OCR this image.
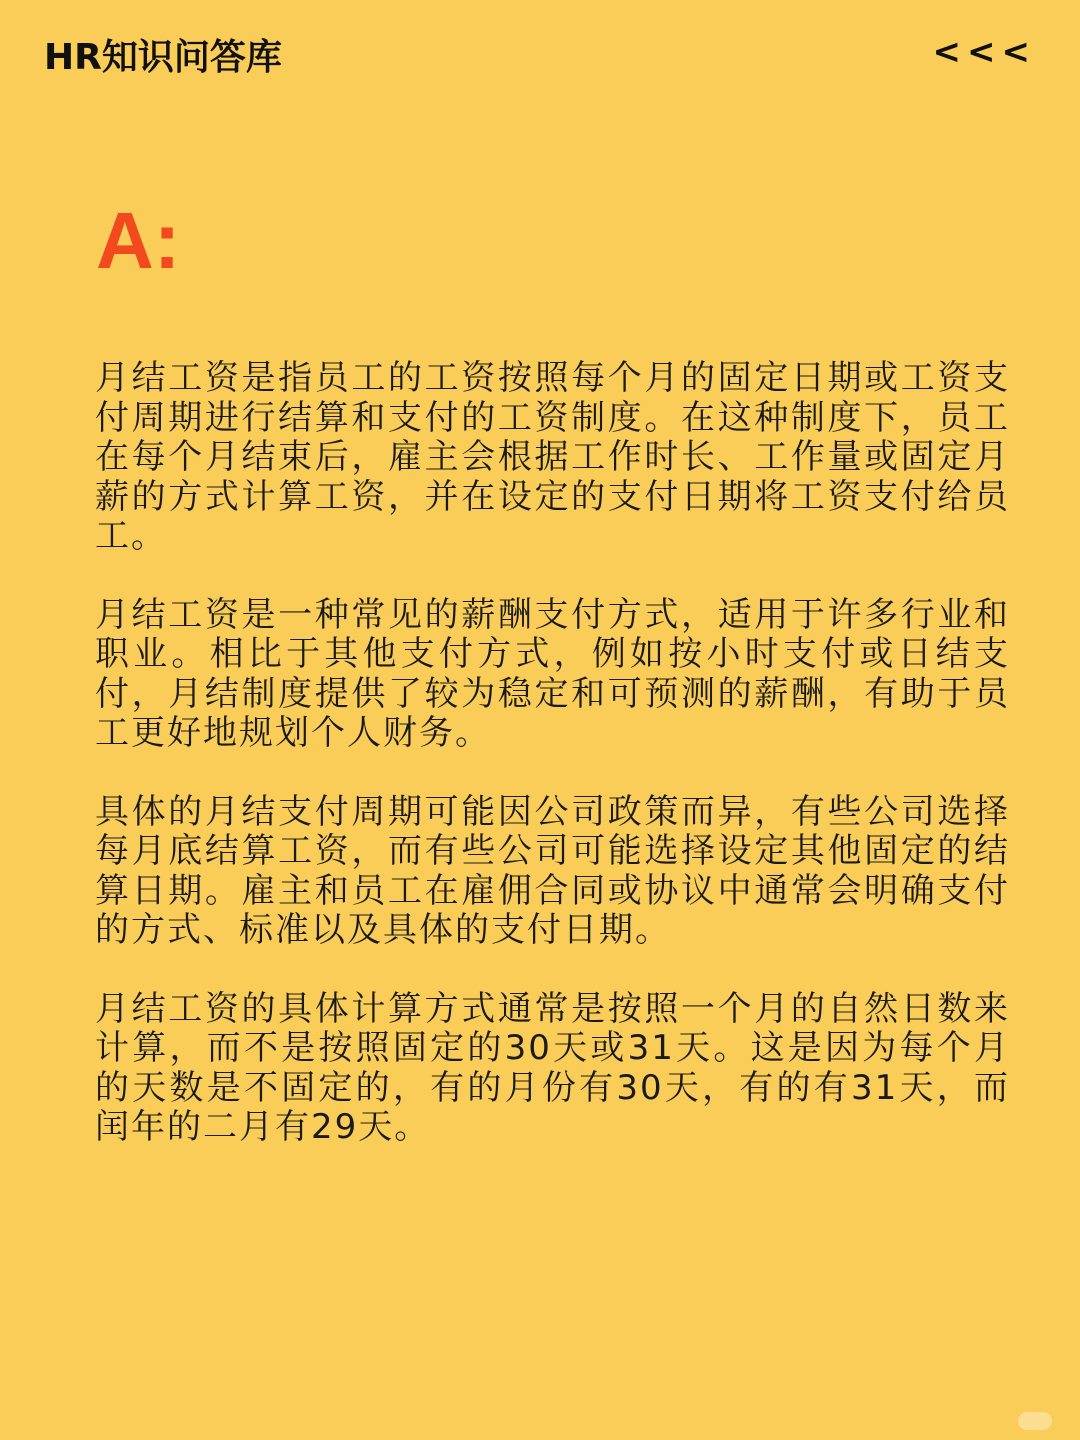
HR知识问答库	<<<
A:

月结工资是指员工的工资按照每个月的固定日期或工资支付周期进行结算和支付的工资制度。在这种制度下，员工在每个月结束后，雇主会根据工作时长、工作量或固定月薪的方式计算工资，并在设定的支付日期将工资支付给员工。

月结工资是一种常见的薪酬支付方式，适用于许多行业和职业。相比于其他支付方式，例如按小时支付或日结支付，月结制度提供了较为稳定和可预测的薪酬，有助于员工更好地规划个人财务。

具体的月结支付周期可能因公司政策而异，有些公司选择每月底结算工资，而有些公司可能选择设定其他固定的结算日期。雇主和员工在雇佣合同或协议中通常会明确支付的方式、标准以及具体的支付日期。

月结工资的具体计算方式通常是按照一个月的自然日数来计算，而不是按照固定的30天或31天。这是因为每个月的天数是不固定的，有的月份有30天，有的有31天，而闰年的二月有29天。
